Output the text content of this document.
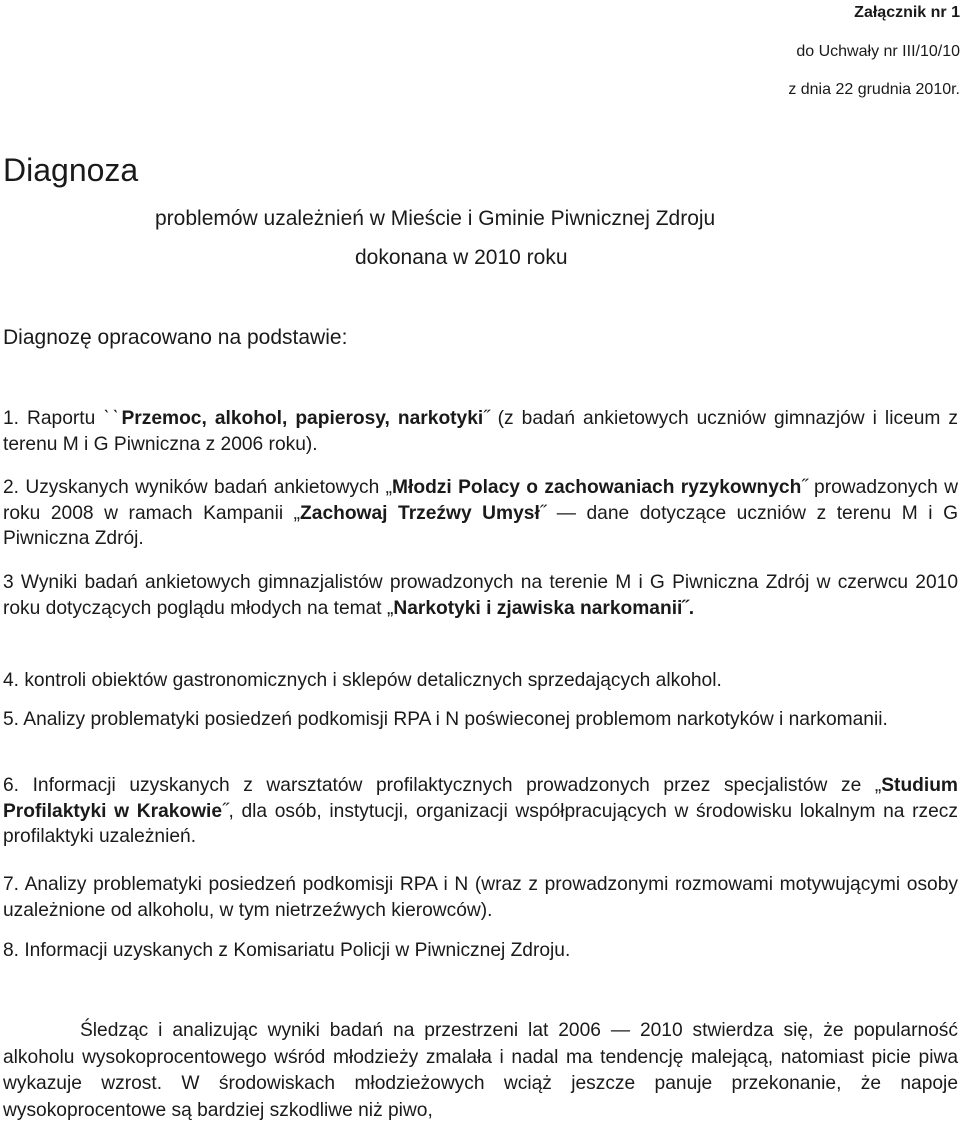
Załącznik nr 1
do Uchwały nr III/10/10
z dnia 22 grudnia 2010r.
Diagnoza
problemów uzależnień w Mieście i Gminie Piwnicznej Zdroju
dokonana w 2010 roku
Diagnozę opracowano na podstawie:
1. Raportu ˋˋPrzemoc, alkohol, papierosy, narkotyki˝ (z badań ankietowych uczniów gimnazjów i liceum z terenu M i G Piwniczna z 2006 roku).
2. Uzyskanych wyników badań ankietowych „Młodzi Polacy o zachowaniach ryzykownych˝ prowadzonych w roku 2008 w ramach Kampanii „Zachowaj Trzeźwy Umysł˝ — dane dotyczące uczniów z terenu M i G Piwniczna Zdrój.
3 Wyniki badań ankietowych gimnazjalistów prowadzonych na terenie M i G Piwniczna Zdrój w czerwcu 2010 roku dotyczących poglądu młodych na temat „Narkotyki i zjawiska narkomanii˝.
4. kontroli obiektów gastronomicznych i sklepów detalicznych sprzedających alkohol.
5. Analizy problematyki posiedzeń podkomisji RPA i N poświeconej problemom narkotyków i narkomanii.
6. Informacji uzyskanych z warsztatów profilaktycznych prowadzonych przez specjalistów ze „Studium Profilaktyki w Krakowie˝, dla osób, instytucji, organizacji współpracujących w środowisku lokalnym na rzecz profilaktyki uzależnień.
7. Analizy problematyki posiedzeń podkomisji RPA i N (wraz z prowadzonymi rozmowami motywującymi osoby uzależnione od alkoholu, w tym nietrzeźwych kierowców).
8. Informacji uzyskanych z Komisariatu Policji w Piwnicznej Zdroju.
Śledząc i analizując wyniki badań na przestrzeni lat 2006 — 2010 stwierdza się, że popularność alkoholu wysokoprocentowego wśród młodzieży zmalała i nadal ma tendencję malejącą, natomiast picie piwa wykazuje wzrost. W środowiskach młodzieżowych wciąż jeszcze panuje przekonanie, że napoje wysokoprocentowe są bardziej szkodliwe niż piwo,
